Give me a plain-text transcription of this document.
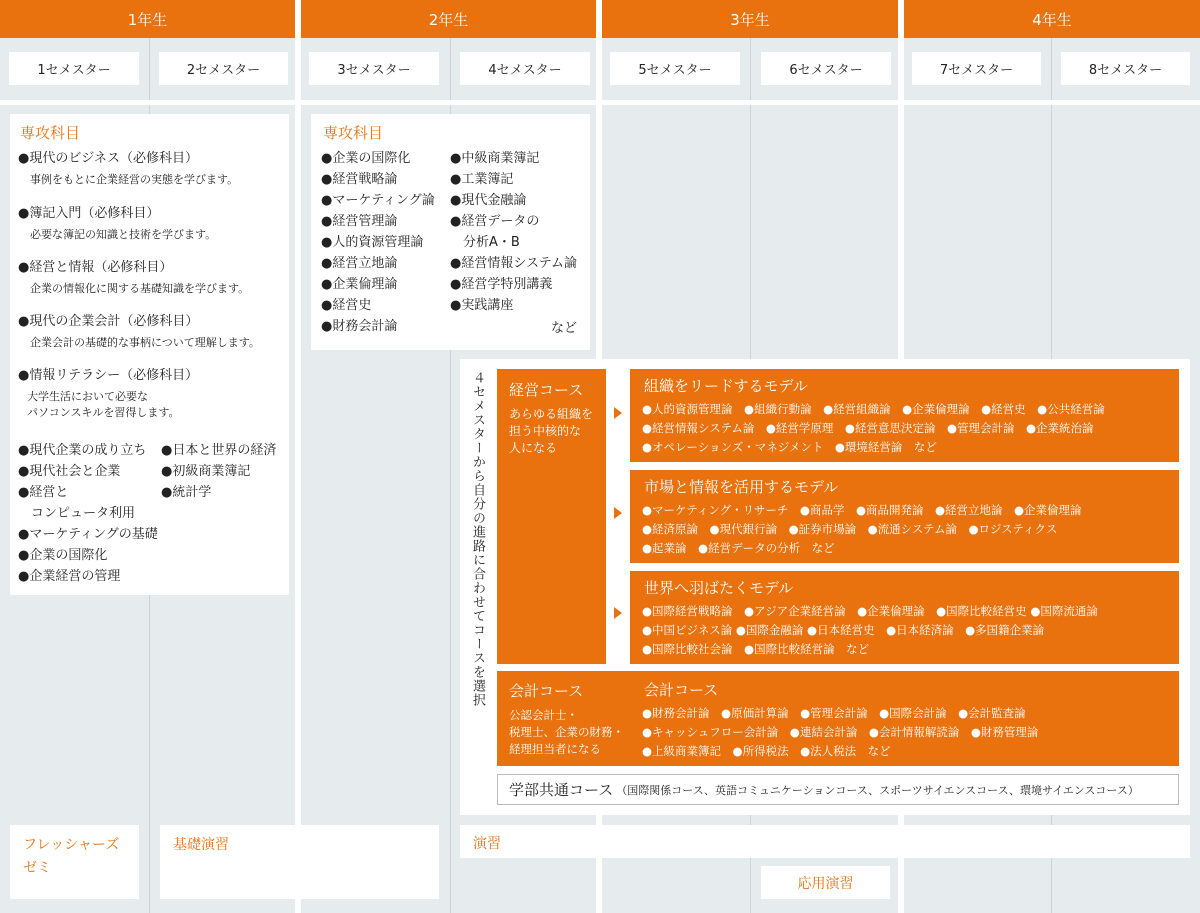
1年生	2年生	3年生	4年生
1セメスター	2セメスター	3セメスター	4セメスター	5セメスター	6セメスター	7セメスター	8セメスター
専攻科目
●現代のビジネス（必修科目）
事例をもとに企業経営の実態を学びます。
●簿記入門（必修科目）
必要な簿記の知識と技術を学びます。
●経営と情報（必修科目）
企業の情報化に関する基礎知識を学びます。
●現代の企業会計（必修科目）
企業会計の基礎的な事柄について理解します。
●情報リテラシー（必修科目）
大学生活において必要な
パソコンスキルを習得します。
●現代企業の成り立ち
●現代社会と企業
●経営と
　コンピュータ利用
●マーケティングの基礎
●企業の国際化
●企業経営の管理
●日本と世界の経済
●初級商業簿記
●統計学
専攻科目
●企業の国際化
●経営戦略論
●マーケティング論
●経営管理論
●人的資源管理論
●経営立地論
●企業倫理論
●経営史
●財務会計論
●中級商業簿記
●工業簿記
●現代金融論
●経営データの
　分析A・B
●経営情報システム論
●経営学特別講義
●実践講座
など
４セメスターから自分の進路に合わせてコースを選択 経営コース
あらゆる組織を
担う中核的な
人になる
組織をリードするモデル
●人的資源管理論　●組織行動論　●経営組織論　●企業倫理論　●経営史　●公共経営論
●経営情報システム論　●経営学原理　●経営意思決定論　●管理会計論　●企業統治論
●オペレーションズ・マネジメント　●環境経営論　など
市場と情報を活用するモデル
●マーケティング・リサーチ　●商品学　●商品開発論　●経営立地論　●企業倫理論
●経済原論　●現代銀行論　●証券市場論　●流通システム論　●ロジスティクス
●起業論　●経営データの分析　など
世界へ羽ばたくモデル
●国際経営戦略論　●アジア企業経営論　●企業倫理論　●国際比較経営史 ●国際流通論
●中国ビジネス論 ●国際金融論 ●日本経営史　●日本経済論　●多国籍企業論
●国際比較社会論　●国際比較経営論　など
会計コース
公認会計士・
税理士、企業の財務・
経理担当者になる
会計コース
●財務会計論　●原価計算論　●管理会計論　●国際会計論　●会計監査論
●キャッシュフロー会計論　●連結会計論　●会計情報解読論　●財務管理論
●上級商業簿記　●所得税法　●法人税法　など
学部共通コース （国際関係コース、英語コミュニケーションコース、スポーツサイエンスコース、環境サイエンスコース）
フレッシャーズ
ゼミ
基礎演習	演習
応用演習
